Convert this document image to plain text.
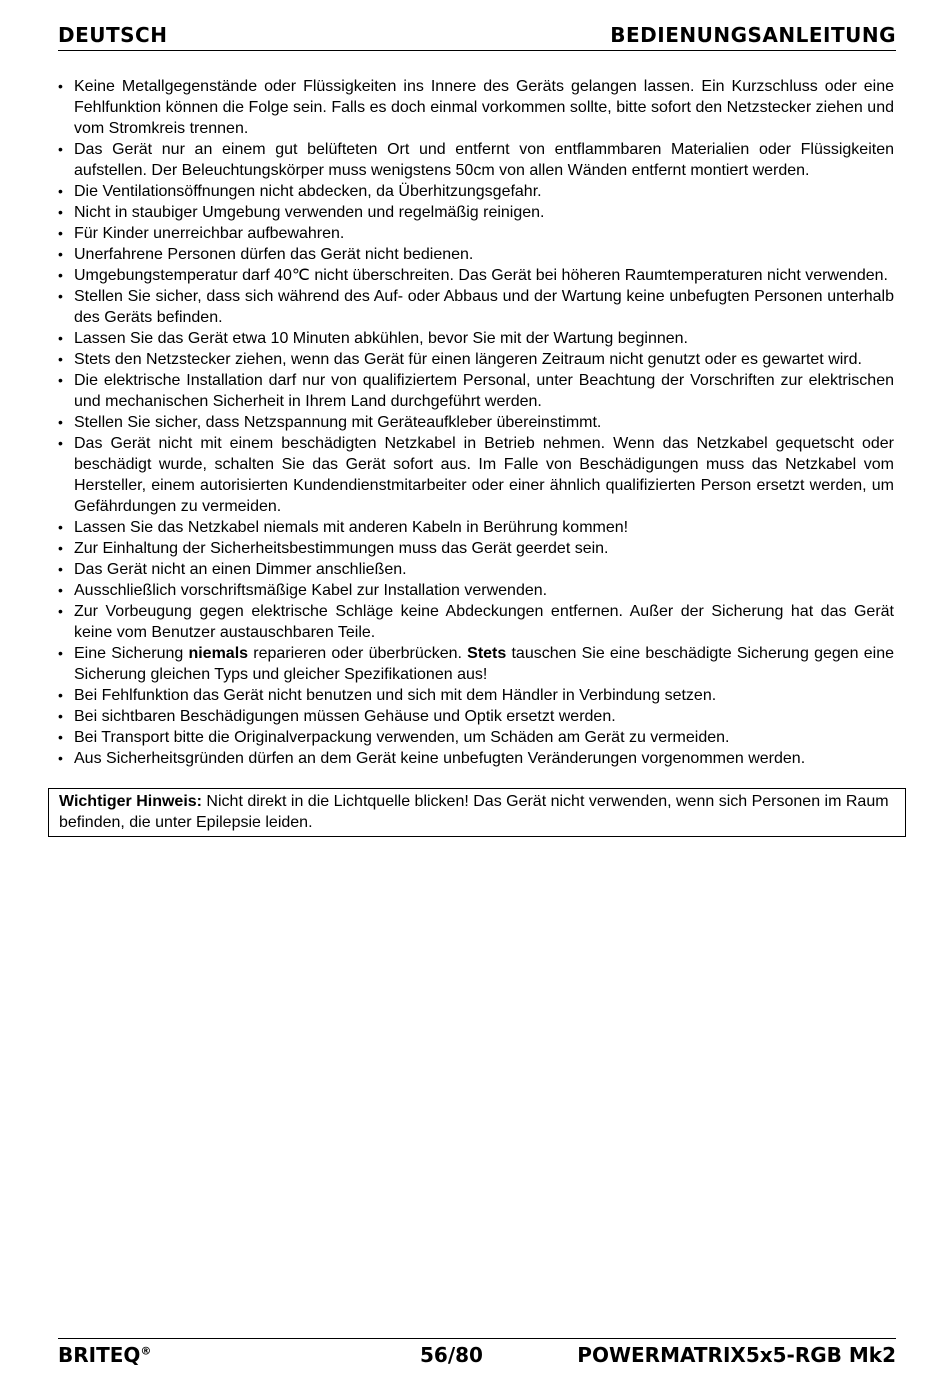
DEUTSCH	BEDIENUNGSANLEITUNG
• Keine Metallgegenstände oder Flüssigkeiten ins Innere des Geräts gelangen lassen. Ein Kurzschluss oder eine Fehlfunktion können die Folge sein. Falls es doch einmal vorkommen sollte, bitte sofort den Netzstecker ziehen und vom Stromkreis trennen.
• Das Gerät nur an einem gut belüfteten Ort und entfernt von entflammbaren Materialien oder Flüssigkeiten aufstellen. Der Beleuchtungskörper muss wenigstens 50cm von allen Wänden entfernt montiert werden.
• Die Ventilationsöffnungen nicht abdecken, da Überhitzungsgefahr.
• Nicht in staubiger Umgebung verwenden und regelmäßig reinigen.
• Für Kinder unerreichbar aufbewahren.
• Unerfahrene Personen dürfen das Gerät nicht bedienen.
• Umgebungstemperatur darf 40℃ nicht überschreiten. Das Gerät bei höheren Raumtemperaturen nicht verwenden.
• Stellen Sie sicher, dass sich während des Auf- oder Abbaus und der Wartung keine unbefugten Personen unterhalb des Geräts befinden.
• Lassen Sie das Gerät etwa 10 Minuten abkühlen, bevor Sie mit der Wartung beginnen.
• Stets den Netzstecker ziehen, wenn das Gerät für einen längeren Zeitraum nicht genutzt oder es gewartet wird.
• Die elektrische Installation darf nur von qualifiziertem Personal, unter Beachtung der Vorschriften zur elektrischen und mechanischen Sicherheit in Ihrem Land durchgeführt werden.
• Stellen Sie sicher, dass Netzspannung mit Geräteaufkleber übereinstimmt.
• Das Gerät nicht mit einem beschädigten Netzkabel in Betrieb nehmen. Wenn das Netzkabel gequetscht oder beschädigt wurde, schalten Sie das Gerät sofort aus. Im Falle von Beschädigungen muss das Netzkabel vom Hersteller, einem autorisierten Kundendienstmitarbeiter oder einer ähnlich qualifizierten Person ersetzt werden, um Gefährdungen zu vermeiden.
• Lassen Sie das Netzkabel niemals mit anderen Kabeln in Berührung kommen!
• Zur Einhaltung der Sicherheitsbestimmungen muss das Gerät geerdet sein.
• Das Gerät nicht an einen Dimmer anschließen.
• Ausschließlich vorschriftsmäßige Kabel zur Installation verwenden.
• Zur Vorbeugung gegen elektrische Schläge keine Abdeckungen entfernen. Außer der Sicherung hat das Gerät keine vom Benutzer austauschbaren Teile.
• Eine Sicherung niemals reparieren oder überbrücken. Stets tauschen Sie eine beschädigte Sicherung gegen eine Sicherung gleichen Typs und gleicher Spezifikationen aus!
• Bei Fehlfunktion das Gerät nicht benutzen und sich mit dem Händler in Verbindung setzen.
• Bei sichtbaren Beschädigungen müssen Gehäuse und Optik ersetzt werden.
• Bei Transport bitte die Originalverpackung verwenden, um Schäden am Gerät zu vermeiden.
• Aus Sicherheitsgründen dürfen an dem Gerät keine unbefugten Veränderungen vorgenommen werden.
Wichtiger Hinweis: Nicht direkt in die Lichtquelle blicken! Das Gerät nicht verwenden, wenn sich Personen im Raum befinden, die unter Epilepsie leiden.
BRITEQ®	56/80	POWERMATRIX5x5-RGB Mk2
